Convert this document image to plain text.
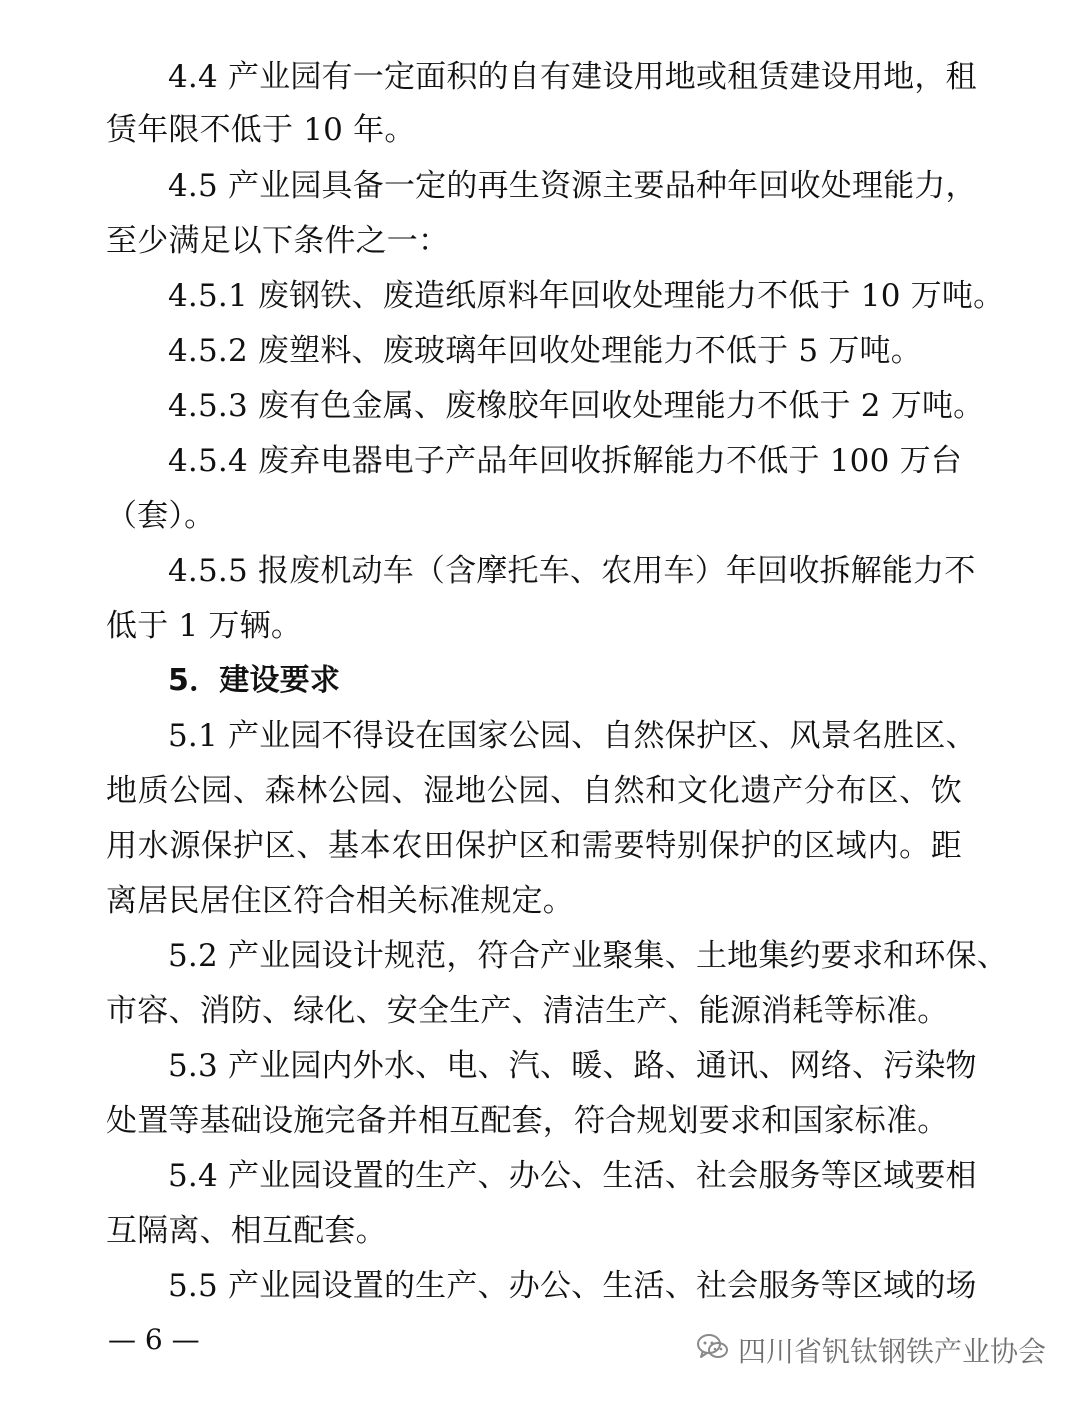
4.4 产业园有一定面积的自有建设用地或租赁建设用地，租
赁年限不低于 10 年。
4.5 产业园具备一定的再生资源主要品种年回收处理能力，
至少满足以下条件之一：
4.5.1 废钢铁、废造纸原料年回收处理能力不低于 10 万吨。
4.5.2 废塑料、废玻璃年回收处理能力不低于 5 万吨。
4.5.3 废有色金属、废橡胶年回收处理能力不低于 2 万吨。
4.5.4 废弃电器电子产品年回收拆解能力不低于 100 万台
（套）。
4.5.5 报废机动车（含摩托车、农用车）年回收拆解能力不
低于 1 万辆。
5．建设要求
5.1 产业园不得设在国家公园、自然保护区、风景名胜区、
地质公园、森林公园、湿地公园、自然和文化遗产分布区、饮
用水源保护区、基本农田保护区和需要特别保护的区域内。距
离居民居住区符合相关标准规定。
5.2 产业园设计规范，符合产业聚集、土地集约要求和环保、
市容、消防、绿化、安全生产、清洁生产、能源消耗等标准。
5.3 产业园内外水、电、汽、暖、路、通讯、网络、污染物
处置等基础设施完备并相互配套，符合规划要求和国家标准。
5.4 产业园设置的生产、办公、生活、社会服务等区域要相
互隔离、相互配套。
5.5 产业园设置的生产、办公、生活、社会服务等区域的场
— 6 —	四川省钒钛钢铁产业协会
